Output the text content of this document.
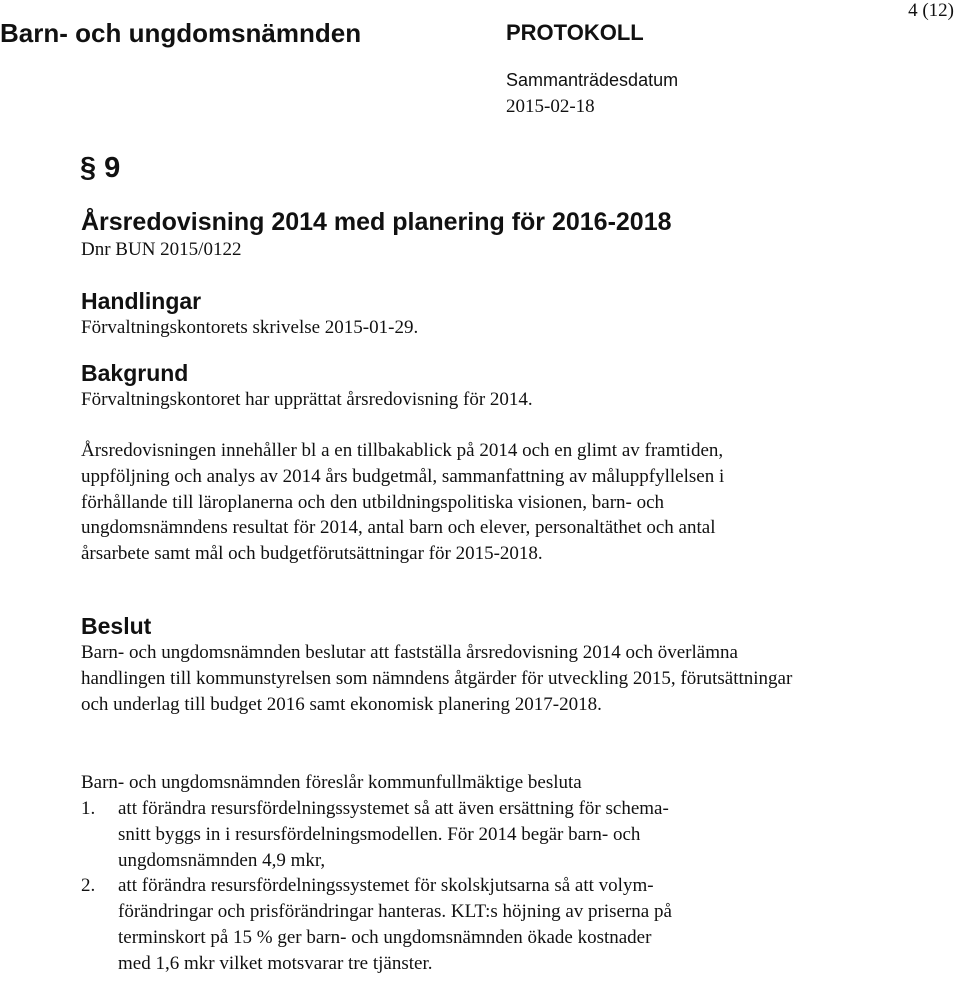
Barn- och ungdomsnämnden	PROTOKOLL
4 (12)
Sammanträdesdatum
2015-02-18
§ 9

Årsredovisning 2014 med planering för 2016-2018

Dnr BUN 2015/0122

Handlingar

Förvaltningskontorets skrivelse 2015-01-29.

Bakgrund

Förvaltningskontoret har upprättat årsredovisning för 2014.

Årsredovisningen innehåller bl a en tillbakablick på 2014 och en glimt av framtiden, uppföljning och analys av 2014 års budgetmål, sammanfattning av måluppfyllelsen i förhållande till läroplanerna och den utbildningspolitiska visionen, barn- och ungdomsnämndens resultat för 2014, antal barn och elever, personaltäthet och antal årsarbete samt mål och budgetförutsättningar för 2015-2018.

Beslut

Barn- och ungdomsnämnden beslutar att fastställa årsredovisning 2014 och överlämna handlingen till kommunstyrelsen som nämndens åtgärder för utveckling 2015, förutsättningar och underlag till budget 2016 samt ekonomisk planering 2017-2018.

Barn- och ungdomsnämnden föreslår kommunfullmäktige besluta

1. att förändra resursfördelningssystemet så att även ersättning för schema-
snitt byggs in i resursfördelningsmodellen. För 2014 begär barn- och
ungdomsnämnden 4,9 mkr,
2. att förändra resursfördelningssystemet för skolskjutsarna så att volym-
förändringar och prisförändringar hanteras. KLT:s höjning av priserna på
terminskort på 15 % ger barn- och ungdomsnämnden ökade kostnader
med 1,6 mkr vilket motsvarar tre tjänster.
